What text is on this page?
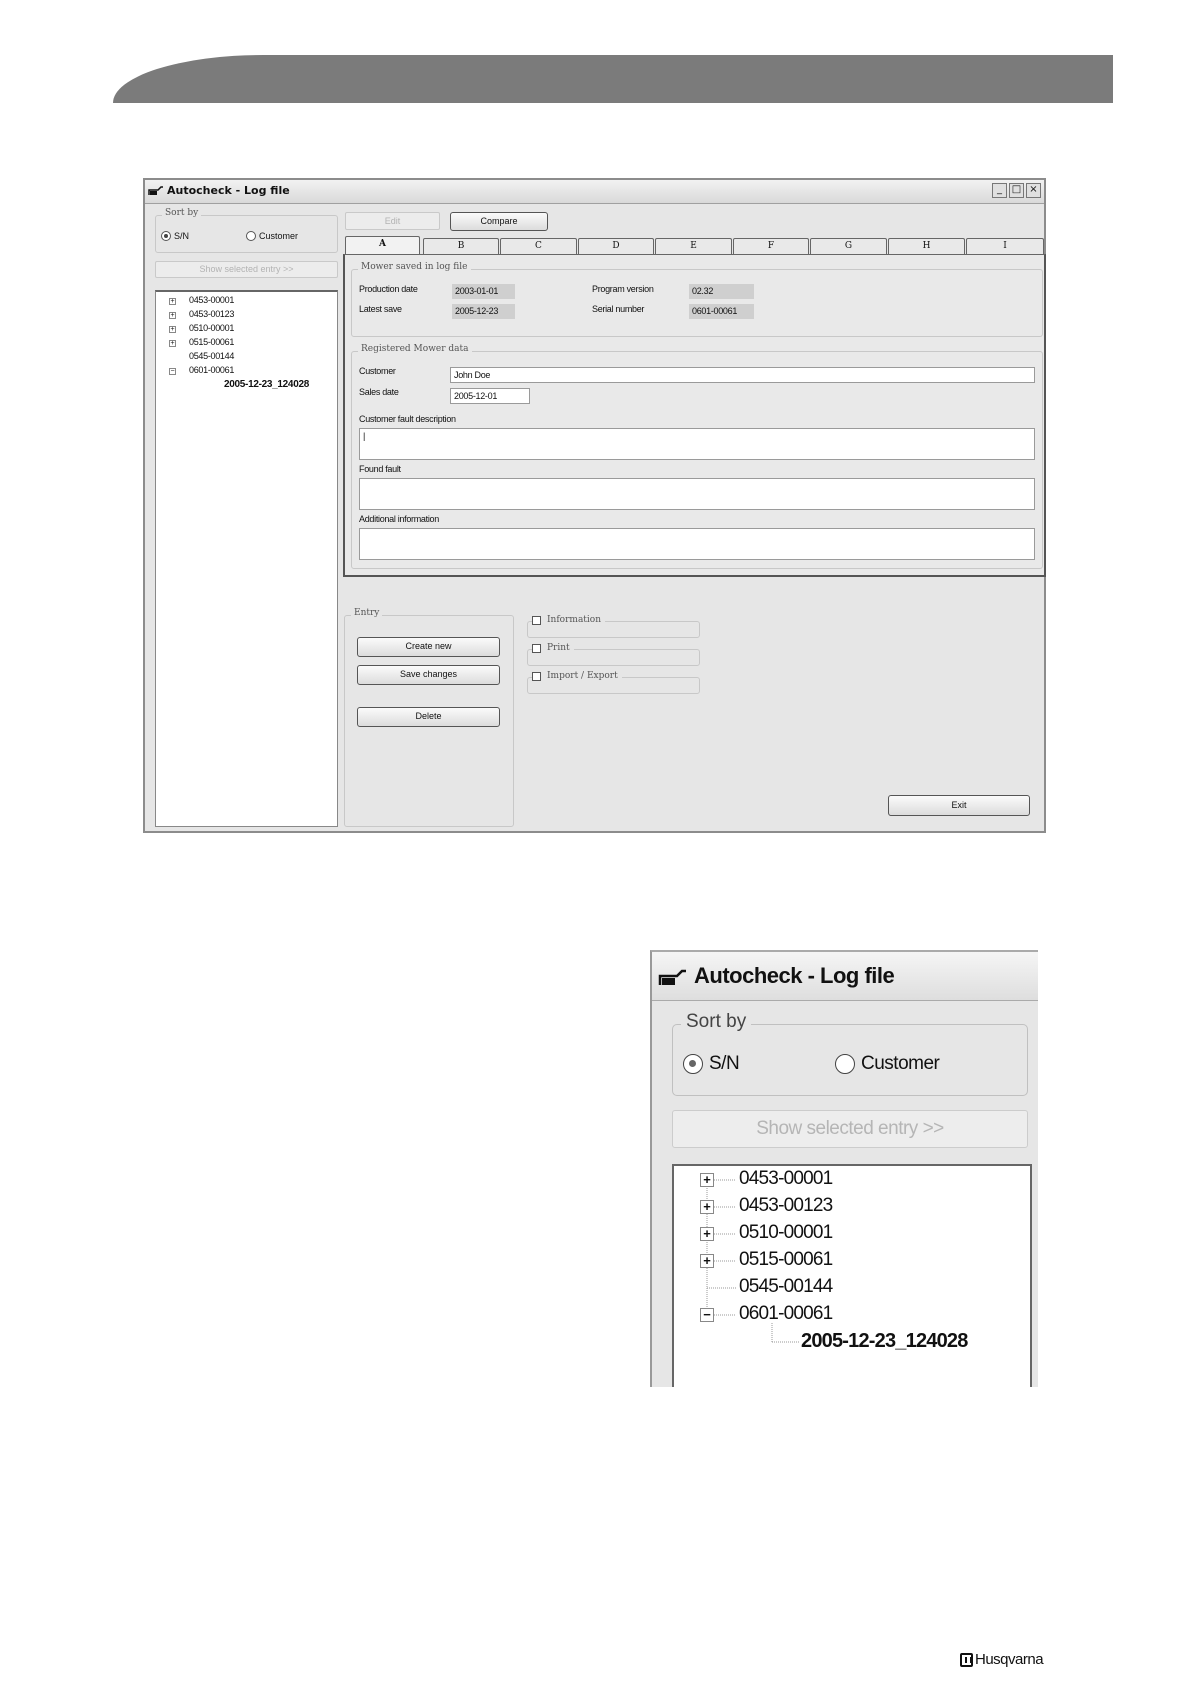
Autocheck - Log file	_ □ ×
Sort by
S/N	Customer
Show selected entry >>
+ 0453-00001
+ 0453-00123
+ 0510-00001
+ 0515-00061
0545-00144
− 0601-00061
2005-12-23_124028
Edit	Compare
A	B	C	D	E	F	G	H	I
Mower saved in log file
Production date	2003-01-01
Latest save	2005-12-23
Program version	02.32
Serial number	0601-00061
Registered Mower data
Customer	John Doe
Sales date	2005-12-01
Customer fault description
|
Found fault
Additional information
Entry
Create new
Save changes
Delete
Information
Print
Import / Export
Exit
Autocheck - Log file
Sort by
S/N	Customer
Show selected entry >>
+ 0453-00001
+ 0453-00123
+ 0510-00001
+ 0515-00061
0545-00144
− 0601-00061
2005-12-23_124028
Husqvarna
